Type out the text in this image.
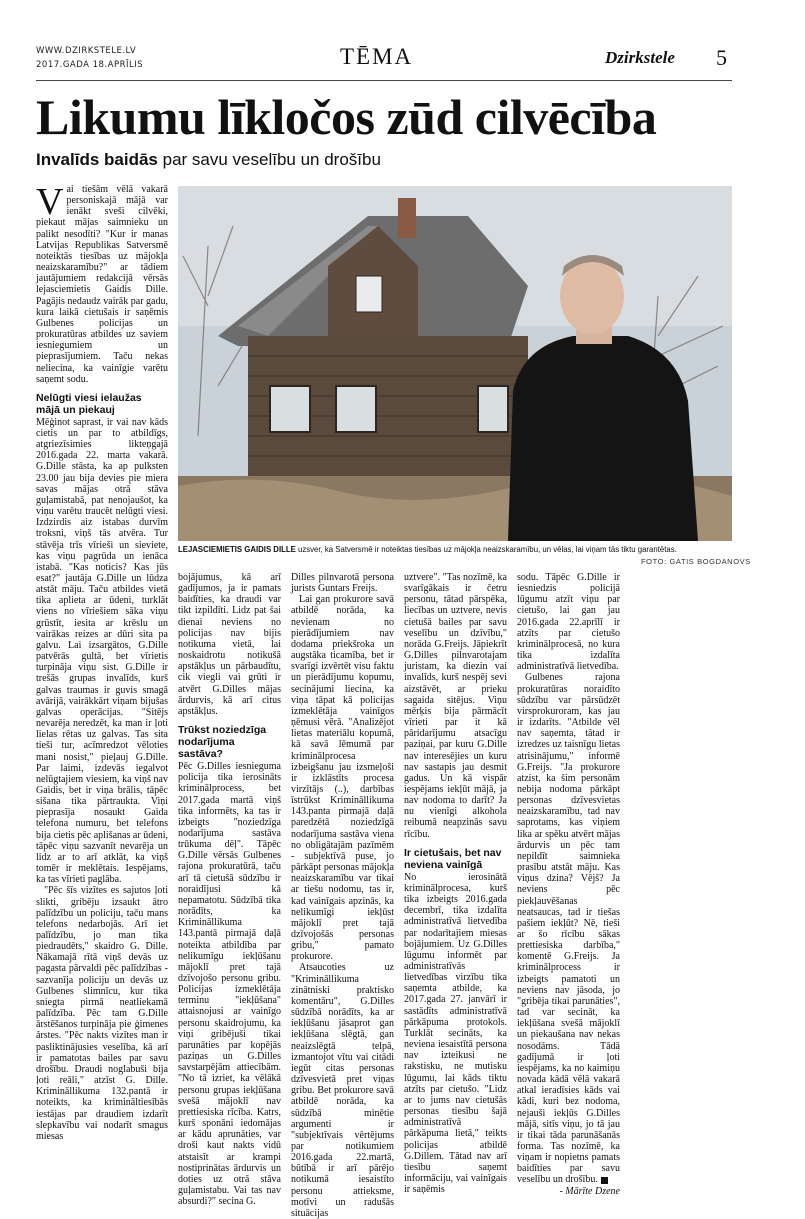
WWW.DZIRKSTELE.LV
2017.GADA 18.APRĪLIS	TĒMA	Dzirkstele 5
Likumu līkločos zūd cilvēcība
Invalīds baidās par savu veselību un drošību
V ai tiešām vēlā vakarā personiskajā mājā var ienākt sveši cilvēki, piekaut mājas saimnieku un palikt nesodīti? "Kur ir manas Latvijas Republikas Satversmē noteiktās tiesības uz mājokļa neaizskaramību?" ar tādiem jautājumiem redakcijā vērsās lejasciemietis Gaidis Dille. Pagājis nedaudz vairāk par gadu, kura laikā cietušais ir saņēmis Gulbenes policijas un prokuratūras atbildes uz saviem iesniegumiem un pieprasījumiem. Taču nekas neliecina, ka vainīgie varētu saņemt sodu.

Nelūgti viesi ielaužas mājā un piekauj

Mēģinot saprast, ir vai nav kāds cietis un par to atbildīgs, atgriezīsimies likteņgajā 2016.gada 22. marta vakarā. G.Dille stāsta, ka ap pulksten 23.00 jau bija devies pie miera savas mājas otrā stāva guļamistabā, pat nenojaušot, ka viņu varētu traucēt nelūgti viesi. Izdzirdis aiz istabas durvīm troksni, viņš tās atvēra. Tur stāvēja trīs vīrieši un sieviete, kas viņu pagrūda un ienāca istabā. "Kas noticis? Kas jūs esat?" jautāja G.Dille un lūdza atstāt māju. Taču atbildes vietā tika aplieta ar ūdeni, turklāt viens no vīriešiem sāka viņu grūstīt, iesita ar krēslu un vairākas reizes ar dūri sita pa galvu. Lai izsargātos, G.Dille patvērās gultā, bet vīrietis turpināja viņu sist. G.Dille ir trešās grupas invalīds, kurš galvas traumas ir guvis smagā avārijā, vairākkārt viņam bijušas galvas operācijas. "Sitējs nevarēja neredzēt, ka man ir ļoti lielas rētas uz galvas. Tas sita tieši tur, acīmredzot vēloties mani nosist," pieļauj G.Dille. Par laimi, izdevās iegalvot nelūgtajiem viesiem, ka viņš nav Gaidis, bet ir viņa brālis, tāpēc sišana tika pārtraukta. Viņi pieprasīja nosaukt Gaida telefona numuru, bet telefons bija cietis pēc aplišanas ar ūdeni, tāpēc viņu sazvanīt nevarēja un lidz ar to arī atklāt, ka viņš tomēr ir meklētais. Iespējams, ka tas vīrieti paglāba.

"Pēc šīs vizītes es sajutos ļoti slikti, gribēju izsaukt ātro palīdzību un policiju, taču mans telefons nedarbojās. Arī iet palīdzību, jo man tika piedraudēts," skaidro G. Dille. Nākamajā rītā viņš devās uz pagasta pārvaldi pēc palīdzības - sazvanīja policiju un devās uz Gulbenes slimnīcu, kur tika sniegta pirmā neatliekamā palīdzība. Pēc tam G.Dille ārstēšanos turpināja pie ģimenes ārstes. "Pēc nakts vizītes man ir pasliktinājusies veselība, kā arī ir pamatotas bailes par savu drošību. Draudi noglabuši bija ļoti reāli," atzīst G. Dille. Krimināllikuma 132.pantā ir noteikts, ka krimināltiesībās iestājas par draudiem izdarīt slepkavību vai nodarīt smagus miesas

LEJASCIEMIETIS GAIDIS DILLE uzsver, ka Satversmē ir noteiktas tiesības uz mājokļa neaizskaramību, un vēlas, lai viņam tās tiktu garantētas.
FOTO: GATIS BOGDANOVS

bojājumus, kā arī gadījumos, ja ir pamats baidīties, ka draudi var tikt izpildīti. Lidz pat šai dienai neviens no policijas nav bijis notikuma vietā, lai noskaidrotu notikušā apstākļus un pārbaudītu, cik viegli vai grūti ir atvērt G.Dilles mājas ārdurvis, kā arī citus apstākļus.

Trūkst noziedzīga nodarījuma sastāva?

Pēc G.Dilles iesnieguma policija tika ierosināts kriminālprocess, bet 2017.gada martā viņš tika informēts, ka tas ir izbeigts "noziedzīga nodarījuma sastāva trūkuma dēļ". Tāpēc G.Dille vērsās Gulbenes rajona prokuratūrā, taču arī tā cietušā sūdzību ir noraidījusi kā nepamatotu. Sūdzībā tika norādīts, ka Krimināllikuma 143.pantā pirmajā daļā noteikta atbildība par nelikumīgu iekļūšanu mājoklī pret tajā dzīvojošo personu gribu. Policijas izmeklētāja terminu "iekļūšana" attaisnojusi ar vainīgo personu skaidrojumu, ka viņi gribējuši tikai parunāties par kopējās paziņas un G.Dilles savstarpējām attiecībām. "No tā izriet, ka vēlākā personu grupas iekļūšana svešā mājoklī nav prettiesiska rīcība. Katrs, kurš sponāni iedomājas ar kādu aprunāties, var droši kaut nakts vidū atstaisīt ar krampi nostiprinātas ārdurvis un doties uz otrā stāva guļamistabu. Vai tas nav absurdi?" secina G.

Dilles pilnvarotā persona jurists Guntars Freijs.

Lai gan prokurore savā atbildē norāda, ka nevienam no pierādījumiem nav dodama priekšroka un augstāka ticamība, bet ir svarīgi izvērtēt visu faktu un pierādījumu kopumu, secinājumi liecina, ka viņa tāpat kā policijas izmeklētāja vainīgos ņēmusi vērā. "Analizējot lietas materiālu kopumā, kā savā lēmumā par kriminālprocesa izbeigšanu jau izsmeļoši ir izklāstīts procesa virzītājs (..), darbības īstrūkst Krimināllikuma 143.panta pirmajā daļā paredzētā noziedzīgā nodarījuma sastāva viena no obligātajām pazīmēm - subjektīvā puse, jo pārkāpt personas mājokļa neaizskaramību var tikai ar tiešu nodomu, tas ir, kad vainīgais apzinās, ka nelikumīgi iekļūst mājoklī pret tajā dzīvojošās personas gribu," pamato prokurore.

Atsaucoties uz "Krimināllikuma zinātniski praktisko komentāru", G.Dilles sūdzībā norādīts, ka ar iekļūšanu jāsaprot gan iekļūšana slēgtā, gan neaizslēgtā telpā, izmantojot vītu vai citādi iegūt citas personas dzīvesvietā pret viņas gribu. Bet prokurore savā atbildē norāda, ka sūdzībā minētie argumenti ir "subjektīvais vērtējums par notikumiem 2016.gada 22.martā, būtībā ir arī pārējo notikumā iesaistīto personu attieksme, motīvi un radušās situācijas

uztvere". "Tas nozīmē, ka svarīgākais ir četru personu, tātad pārspēka, liecības un uztvere, nevis cietušā bailes par savu veselību un dzīvību," norāda G.Freijs. Jāpiekrīt G.Dilles pilnvarotajam juristam, ka diezin vai invalīds, kurš nespēj sevi aizstāvēt, ar prieku sagaida sitējus. Viņu mērķis bija pārmācīt vīrieti par it kā pāridarījumu atsacīgu paziņai, par kuru G.Dille nav interesējies un kuru nav sastapis jau desmit gadus. Un kā vispār iespējams iekļūt mājā, ja nav nodoma to darīt? Ja nu vienīgi alkohola reibumā neapzinās savu rīcību.

Ir cietušais, bet nav neviena vainīgā

No ierosinātā kriminālprocesa, kurš tika izbeigts 2016.gada decembrī, tika izdalīta administratīvā lietvedība par nodarītajiem miesas bojājumiem. Uz G.Dilles lūgumu informēt par administratīvās lietvedības virzību tika saņemta atbilde, ka 2017.gada 27. janvārī ir sastādīts administratīvā pārkāpuma protokols. Turklāt secināts, ka neviena iesaistītā persona nav izteikusi ne rakstisku, ne mutisku lūgumu, lai kāds tiktu atzīts par cietušo. "Lidz ar to jums nav cietušās personas tiesību šajā administratīvā pārkāpuma lietā," teikts policijas atbildē G.Dillem. Tātad nav arī tiesību saņemt informāciju, vai vainīgais ir saņēmis

sodu. Tāpēc G.Dille ir iesniedzis policijā lūgumu atzīt viņu par cietušo, lai gan jau 2016.gada 22.aprīlī ir atzīts par cietušo kriminālprocesā, no kura tika izdalīta administratīvā lietvedība.

Gulbenes rajona prokuratūras noraidīto sūdzību var pārsūdzēt virsprokuroram, kas jau ir izdarīts. "Atbilde vēl nav saņemta, tātad ir izredzes uz taisnīgu lietas atrisinājumu," informē G.Freijs. "Ja prokurore atzist, ka šim personām nebija nodoma pārkāpt personas dzīvesvietas neaizskaramību, tad nav saprotams, kas viņiem lika ar spēku atvērt mājas ārdurvis un pēc tam nepildīt saimnieka prasību atstāt māju. Kas viņus dzina? Vējš? Ja neviens pēc piekļauvēšanas neatsaucas, tad ir tiešas pašiem iekļūt? Nē, tieši ar šo rīcību sākas prettiesiska darbība," komentē G.Freijs. Ja kriminālprocess ir izbeigts pamatoti un neviens nav jāsoda, jo "gribēja tikai parunāties", tad var secināt, ka iekļūšana svešā mājoklī un piekaušana nav nekas nosodāms. Tādā gadījumā ir ļoti iespējams, ka no kaimiņu novada kādā vēlā vakarā atkal ieradīsies kāds vai kādi, kuri bez nodoma, nejauši iekļūs G.Dilles mājā, sitīs viņu, jo tā jau ir tikai tāda parunāšanās forma. Tas nozīmē, ka viņam ir nopietns pamats baidīties par savu veselību un drošību.

- Mārīte Dzene
